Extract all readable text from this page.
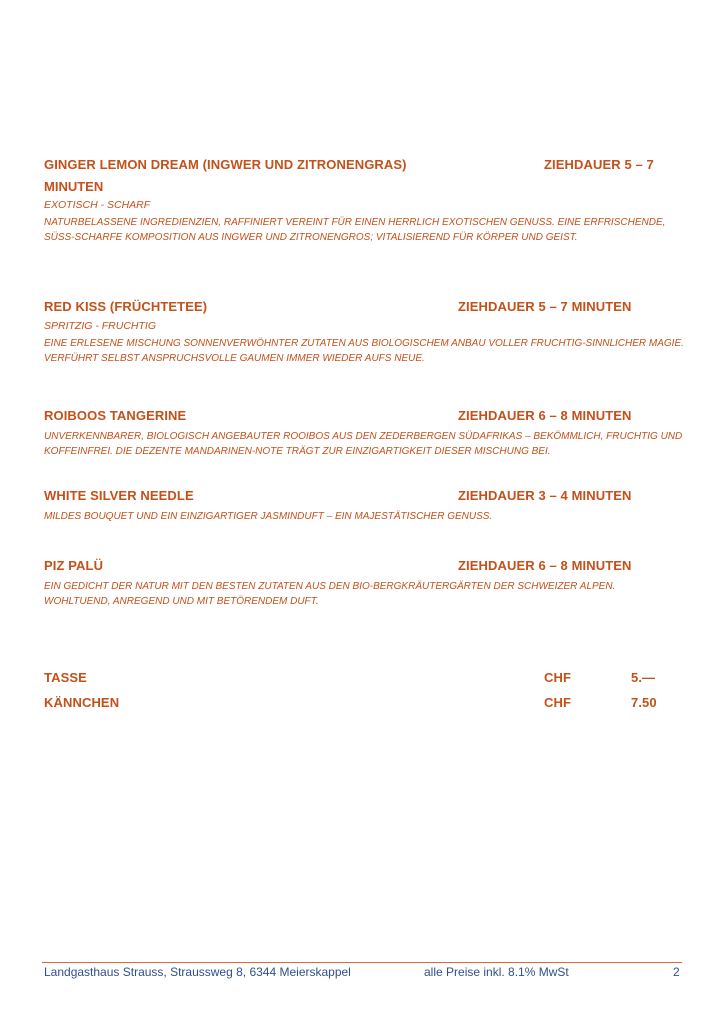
GINGER LEMON DREAM (INGWER UND ZITRONENGRAS)	ZIEHDAUER 5 – 7
MINUTEN
EXOTISCH - SCHARF
NATURBELASSENE INGREDIENZIEN, RAFFINIERT VEREINT FÜR EINEN HERRLICH EXOTISCHEN GENUSS. EINE ERFRISCHENDE, SÜSS-SCHARFE KOMPOSITION AUS INGWER UND ZITRONENGROS; VITALISIEREND FÜR KÖRPER UND GEIST.
RED KISS (FRÜCHTETEE)	ZIEHDAUER 5 – 7 MINUTEN
SPRITZIG - FRUCHTIG
EINE ERLESENE MISCHUNG SONNENVERWÖHNTER ZUTATEN AUS BIOLOGISCHEM ANBAU VOLLER FRUCHTIG-SINNLICHER MAGIE. VERFÜHRT SELBST ANSPRUCHSVOLLE GAUMEN IMMER WIEDER AUFS NEUE.
ROIBOOS TANGERINE	ZIEHDAUER 6 – 8 MINUTEN
UNVERKENNBARER, BIOLOGISCH ANGEBAUTER ROOIBOS AUS DEN ZEDERBERGEN SÜDAFRIKAS – BEKÖMMLICH, FRUCHTIG UND KOFFEINFREI. DIE DEZENTE MANDARINEN-NOTE TRÄGT ZUR EINZIGARTIGKEIT DIESER MISCHUNG BEI.
WHITE SILVER NEEDLE	ZIEHDAUER 3 – 4 MINUTEN
MILDES BOUQUET UND EIN EINZIGARTIGER JASMINDUFT – EIN MAJESTÄTISCHER GENUSS.
PIZ PALÜ	ZIEHDAUER 6 – 8 MINUTEN
EIN GEDICHT DER NATUR MIT DEN BESTEN ZUTATEN AUS DEN BIO-BERGKRÄUTERGÄRTEN DER SCHWEIZER ALPEN. WOHLTUEND, ANREGEND UND MIT BETÖRENDEM DUFT.
TASSE	CHF	5.—
KÄNNCHEN	CHF	7.50
Landgasthaus Strauss, Straussweg 8, 6344 Meierskappel	alle Preise inkl. 8.1% MwSt	2
